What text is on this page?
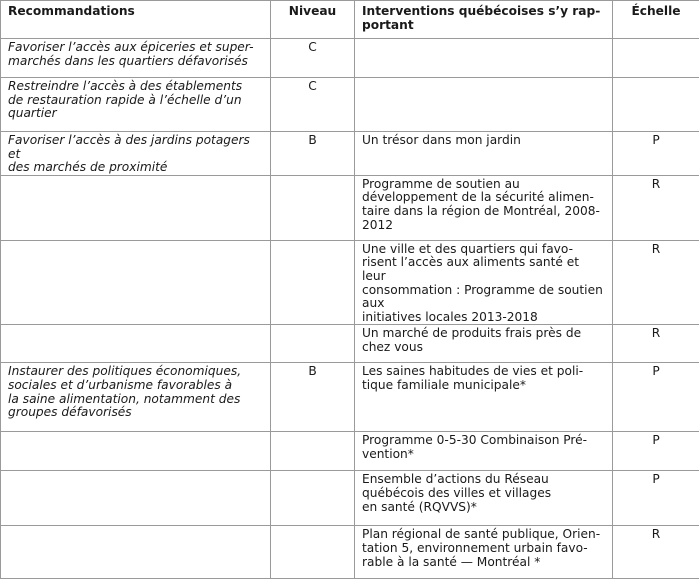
Recommandations	Niveau	Interventions québécoises s’y rap-
portant	Échelle
Favoriser l’accès aux épiceries et super-
marchés dans les quartiers défavorisés	C		
Restreindre l’accès à des établements
de restauration rapide à l’échelle d’un
quartier	C		
Favoriser l’accès à des jardins potagers et
des marchés de proximité	B	Un trésor dans mon jardin	P
		Programme de soutien au
développement de la sécurité alimen-
taire dans la région de Montréal, 2008-
2012	R
		Une ville et des quartiers qui favo-
risent l’accès aux aliments santé et leur
consommation : Programme de soutien
aux
initiatives locales 2013-2018	R
		Un marché de produits frais près de
chez vous	R
Instaurer des politiques économiques,
sociales et d’urbanisme favorables à
la saine alimentation, notamment des
groupes défavorisés	B	Les saines habitudes de vies et poli-
tique familiale municipale*	P
		Programme 0-5-30 Combinaison Pré-
vention*	P
		Ensemble d’actions du Réseau
québécois des villes et villages
en santé (RQVVS)*	P
		Plan régional de santé publique, Orien-
tation 5, environnement urbain favo-
rable à la santé — Montréal *	R
